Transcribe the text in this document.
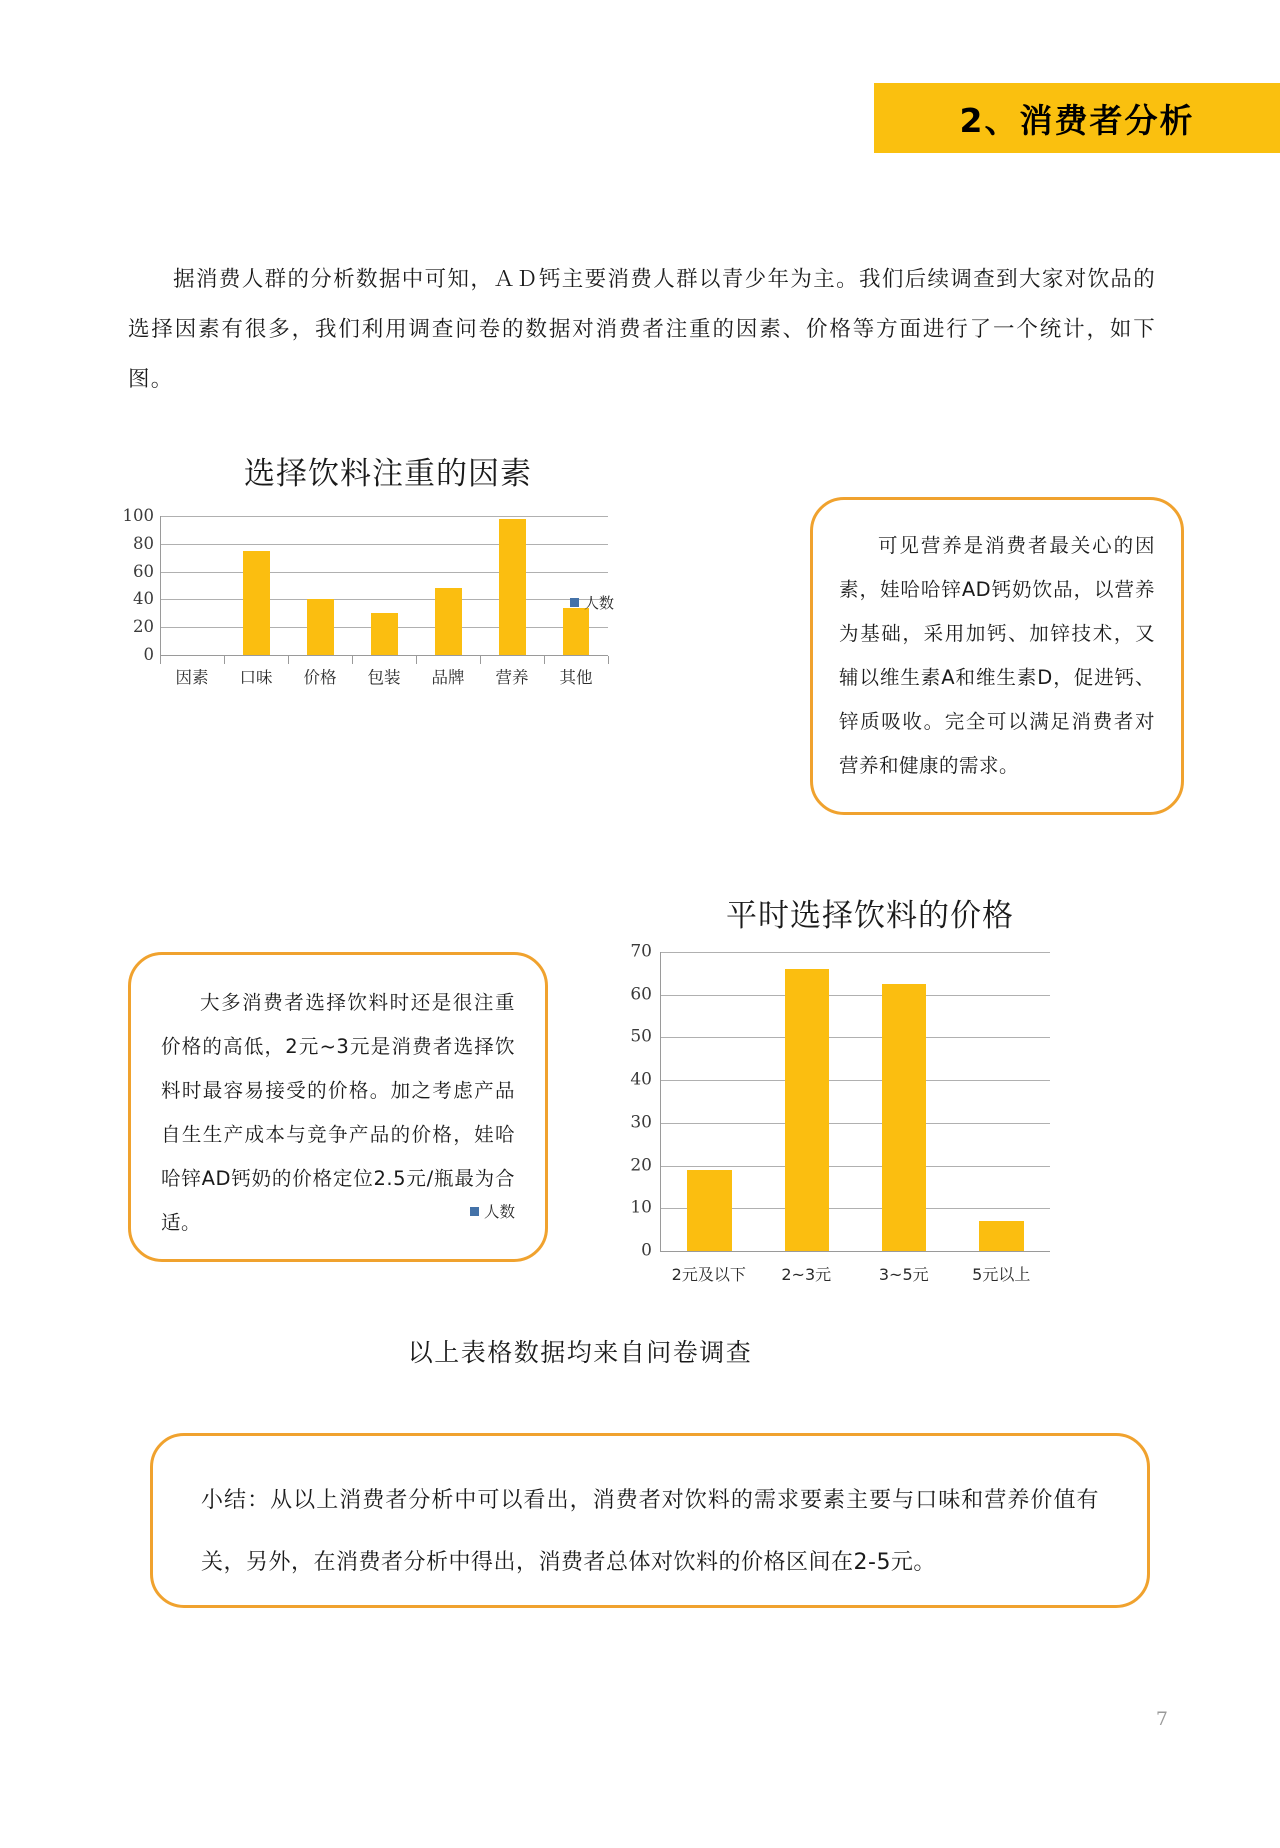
2、消费者分析

据消费人群的分析数据中可知，ＡＤ钙主要消费人群以青少年为主。我们后续调查到大家对饮品的选择因素有很多，我们利用调查问卷的数据对消费者注重的因素、价格等方面进行了一个统计，如下图。

选择饮料注重的因素
0
20
40
60
80
100
因素	口味	价格	包装	品牌	营养	其他
人数

可见营养是消费者最关心的因素，娃哈哈锌AD钙奶饮品，以营养为基础，采用加钙、加锌技术，又辅以维生素A和维生素D，促进钙、锌质吸收。完全可以满足消费者对营养和健康的需求。

大多消费者选择饮料时还是很注重价格的高低，2元~3元是消费者选择饮料时最容易接受的价格。加之考虑产品自生生产成本与竞争产品的价格，娃哈哈锌AD钙奶的价格定位2.5元/瓶最为合适。

平时选择饮料的价格
0
10
20
30
40
50
60
70
2元及以下	2~3元	3~5元	5元以上
人数
以上表格数据均来自问卷调查

小结：从以上消费者分析中可以看出，消费者对饮料的需求要素主要与口味和营养价值有关，另外，在消费者分析中得出，消费者总体对饮料的价格区间在2-5元。

7
